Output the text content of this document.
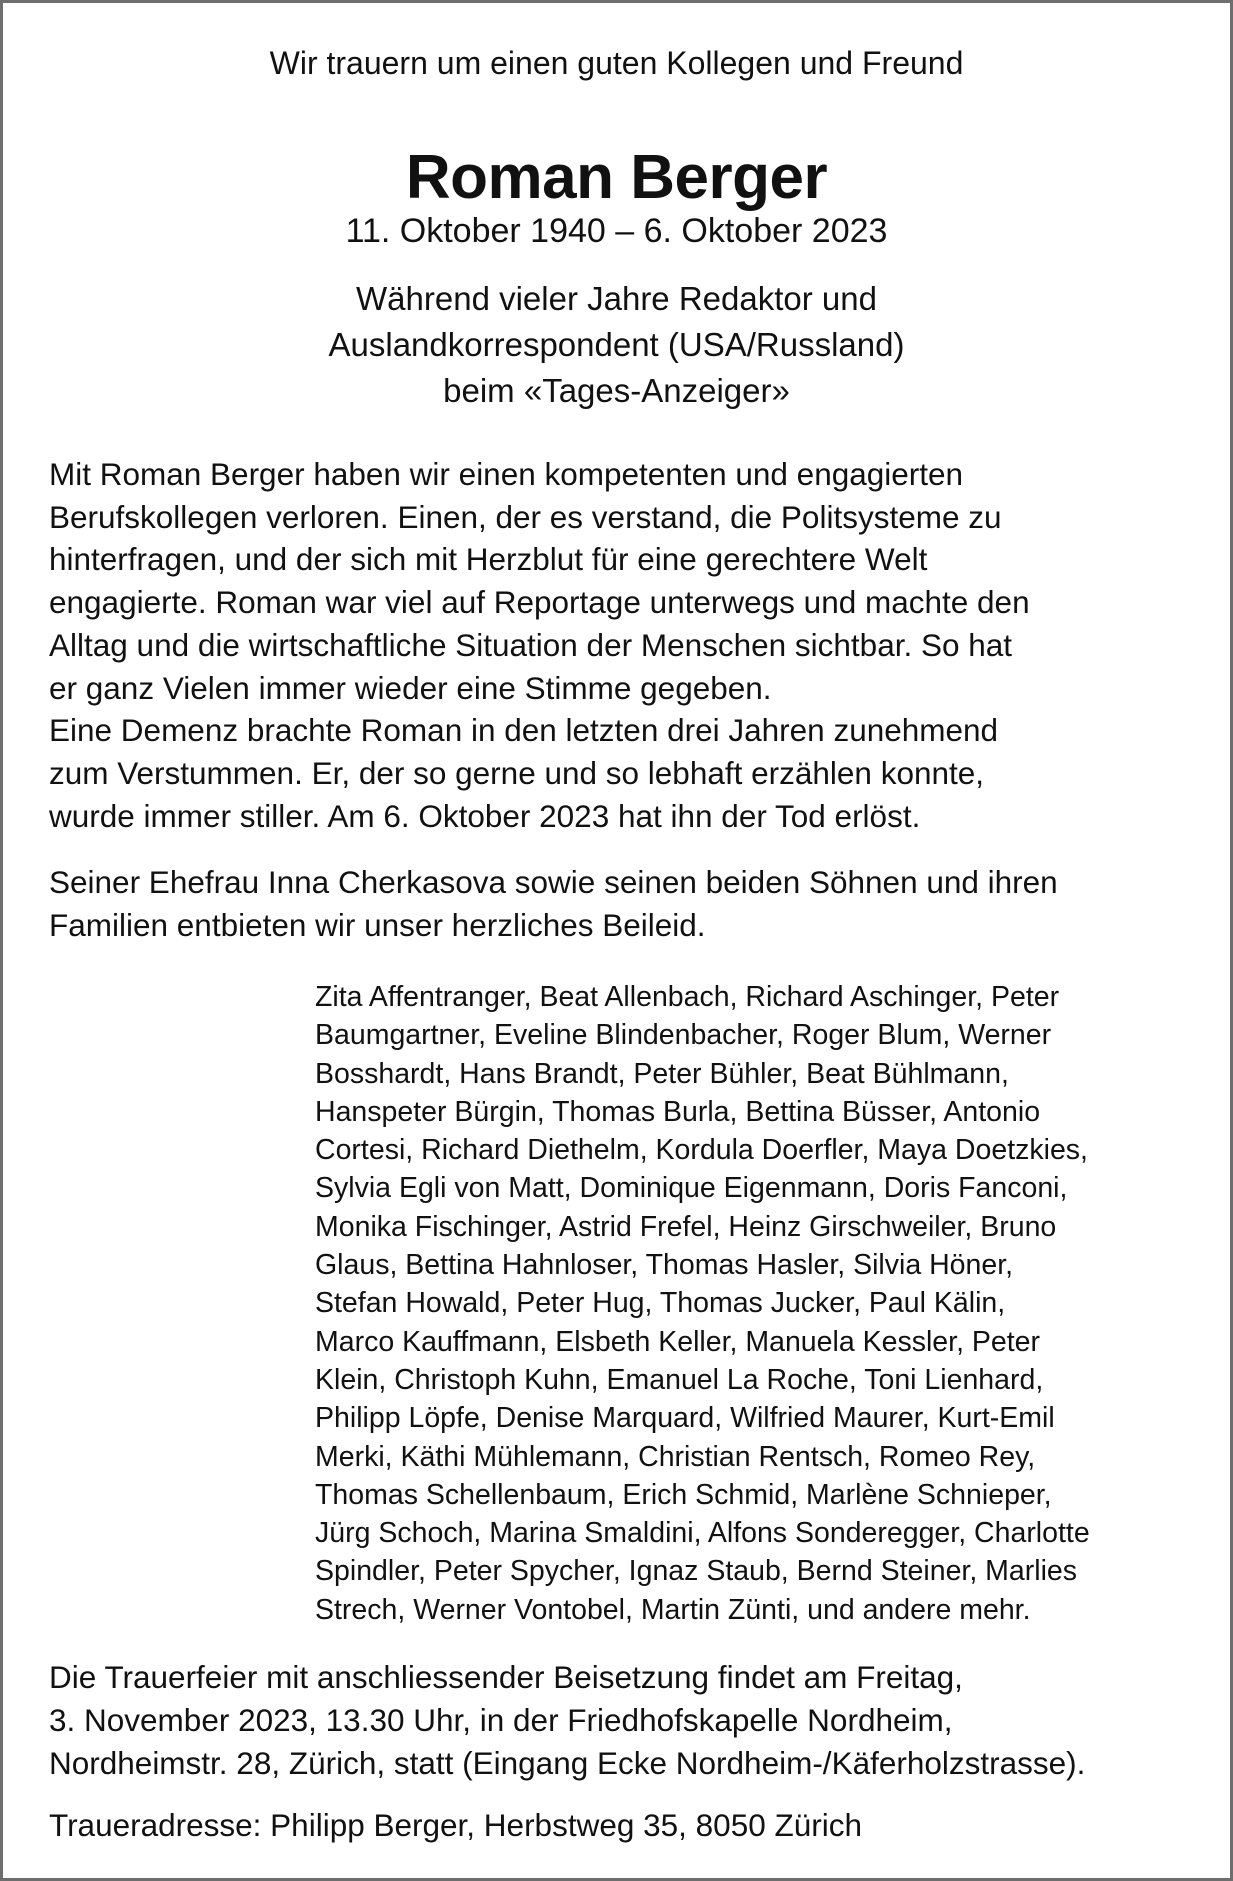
Wir trauern um einen guten Kollegen und Freund
Roman Berger
11. Oktober 1940 – 6. Oktober 2023
Während vieler Jahre Redaktor und
Auslandkorrespondent (USA/Russland)
beim «Tages-Anzeiger»
Mit Roman Berger haben wir einen kompetenten und engagierten
Berufskollegen verloren. Einen, der es verstand, die Politsysteme zu
hinterfragen, und der sich mit Herzblut für eine gerechtere Welt
engagierte. Roman war viel auf Reportage unterwegs und machte den
Alltag und die wirtschaftliche Situation der Menschen sichtbar. So hat
er ganz Vielen immer wieder eine Stimme gegeben.
Eine Demenz brachte Roman in den letzten drei Jahren zunehmend
zum Verstummen. Er, der so gerne und so lebhaft erzählen konnte,
wurde immer stiller. Am 6. Oktober 2023 hat ihn der Tod erlöst.
Seiner Ehefrau Inna Cherkasova sowie seinen beiden Söhnen und ihren
Familien entbieten wir unser herzliches Beileid.
Zita Affentranger, Beat Allenbach, Richard Aschinger, Peter
Baumgartner, Eveline Blindenbacher, Roger Blum, Werner
Bosshardt, Hans Brandt, Peter Bühler, Beat Bühlmann,
Hanspeter Bürgin, Thomas Burla, Bettina Büsser, Antonio
Cortesi, Richard Diethelm, Kordula Doerfler, Maya Doetzkies,
Sylvia Egli von Matt, Dominique Eigenmann, Doris Fanconi,
Monika Fischinger, Astrid Frefel, Heinz Girschweiler, Bruno
Glaus, Bettina Hahnloser, Thomas Hasler, Silvia Höner,
Stefan Howald, Peter Hug, Thomas Jucker, Paul Kälin,
Marco Kauffmann, Elsbeth Keller, Manuela Kessler, Peter
Klein, Christoph Kuhn, Emanuel La Roche, Toni Lienhard,
Philipp Löpfe, Denise Marquard, Wilfried Maurer, Kurt-Emil
Merki, Käthi Mühlemann, Christian Rentsch, Romeo Rey,
Thomas Schellenbaum, Erich Schmid, Marlène Schnieper,
Jürg Schoch, Marina Smaldini, Alfons Sonderegger, Charlotte
Spindler, Peter Spycher, Ignaz Staub, Bernd Steiner, Marlies
Strech, Werner Vontobel, Martin Zünti, und andere mehr.
Die Trauerfeier mit anschliessender Beisetzung findet am Freitag,
3. November 2023, 13.30 Uhr, in der Friedhofskapelle Nordheim,
Nordheimstr. 28, Zürich, statt (Eingang Ecke Nordheim-/Käferholzstrasse).
Traueradresse: Philipp Berger, Herbstweg 35, 8050 Zürich
